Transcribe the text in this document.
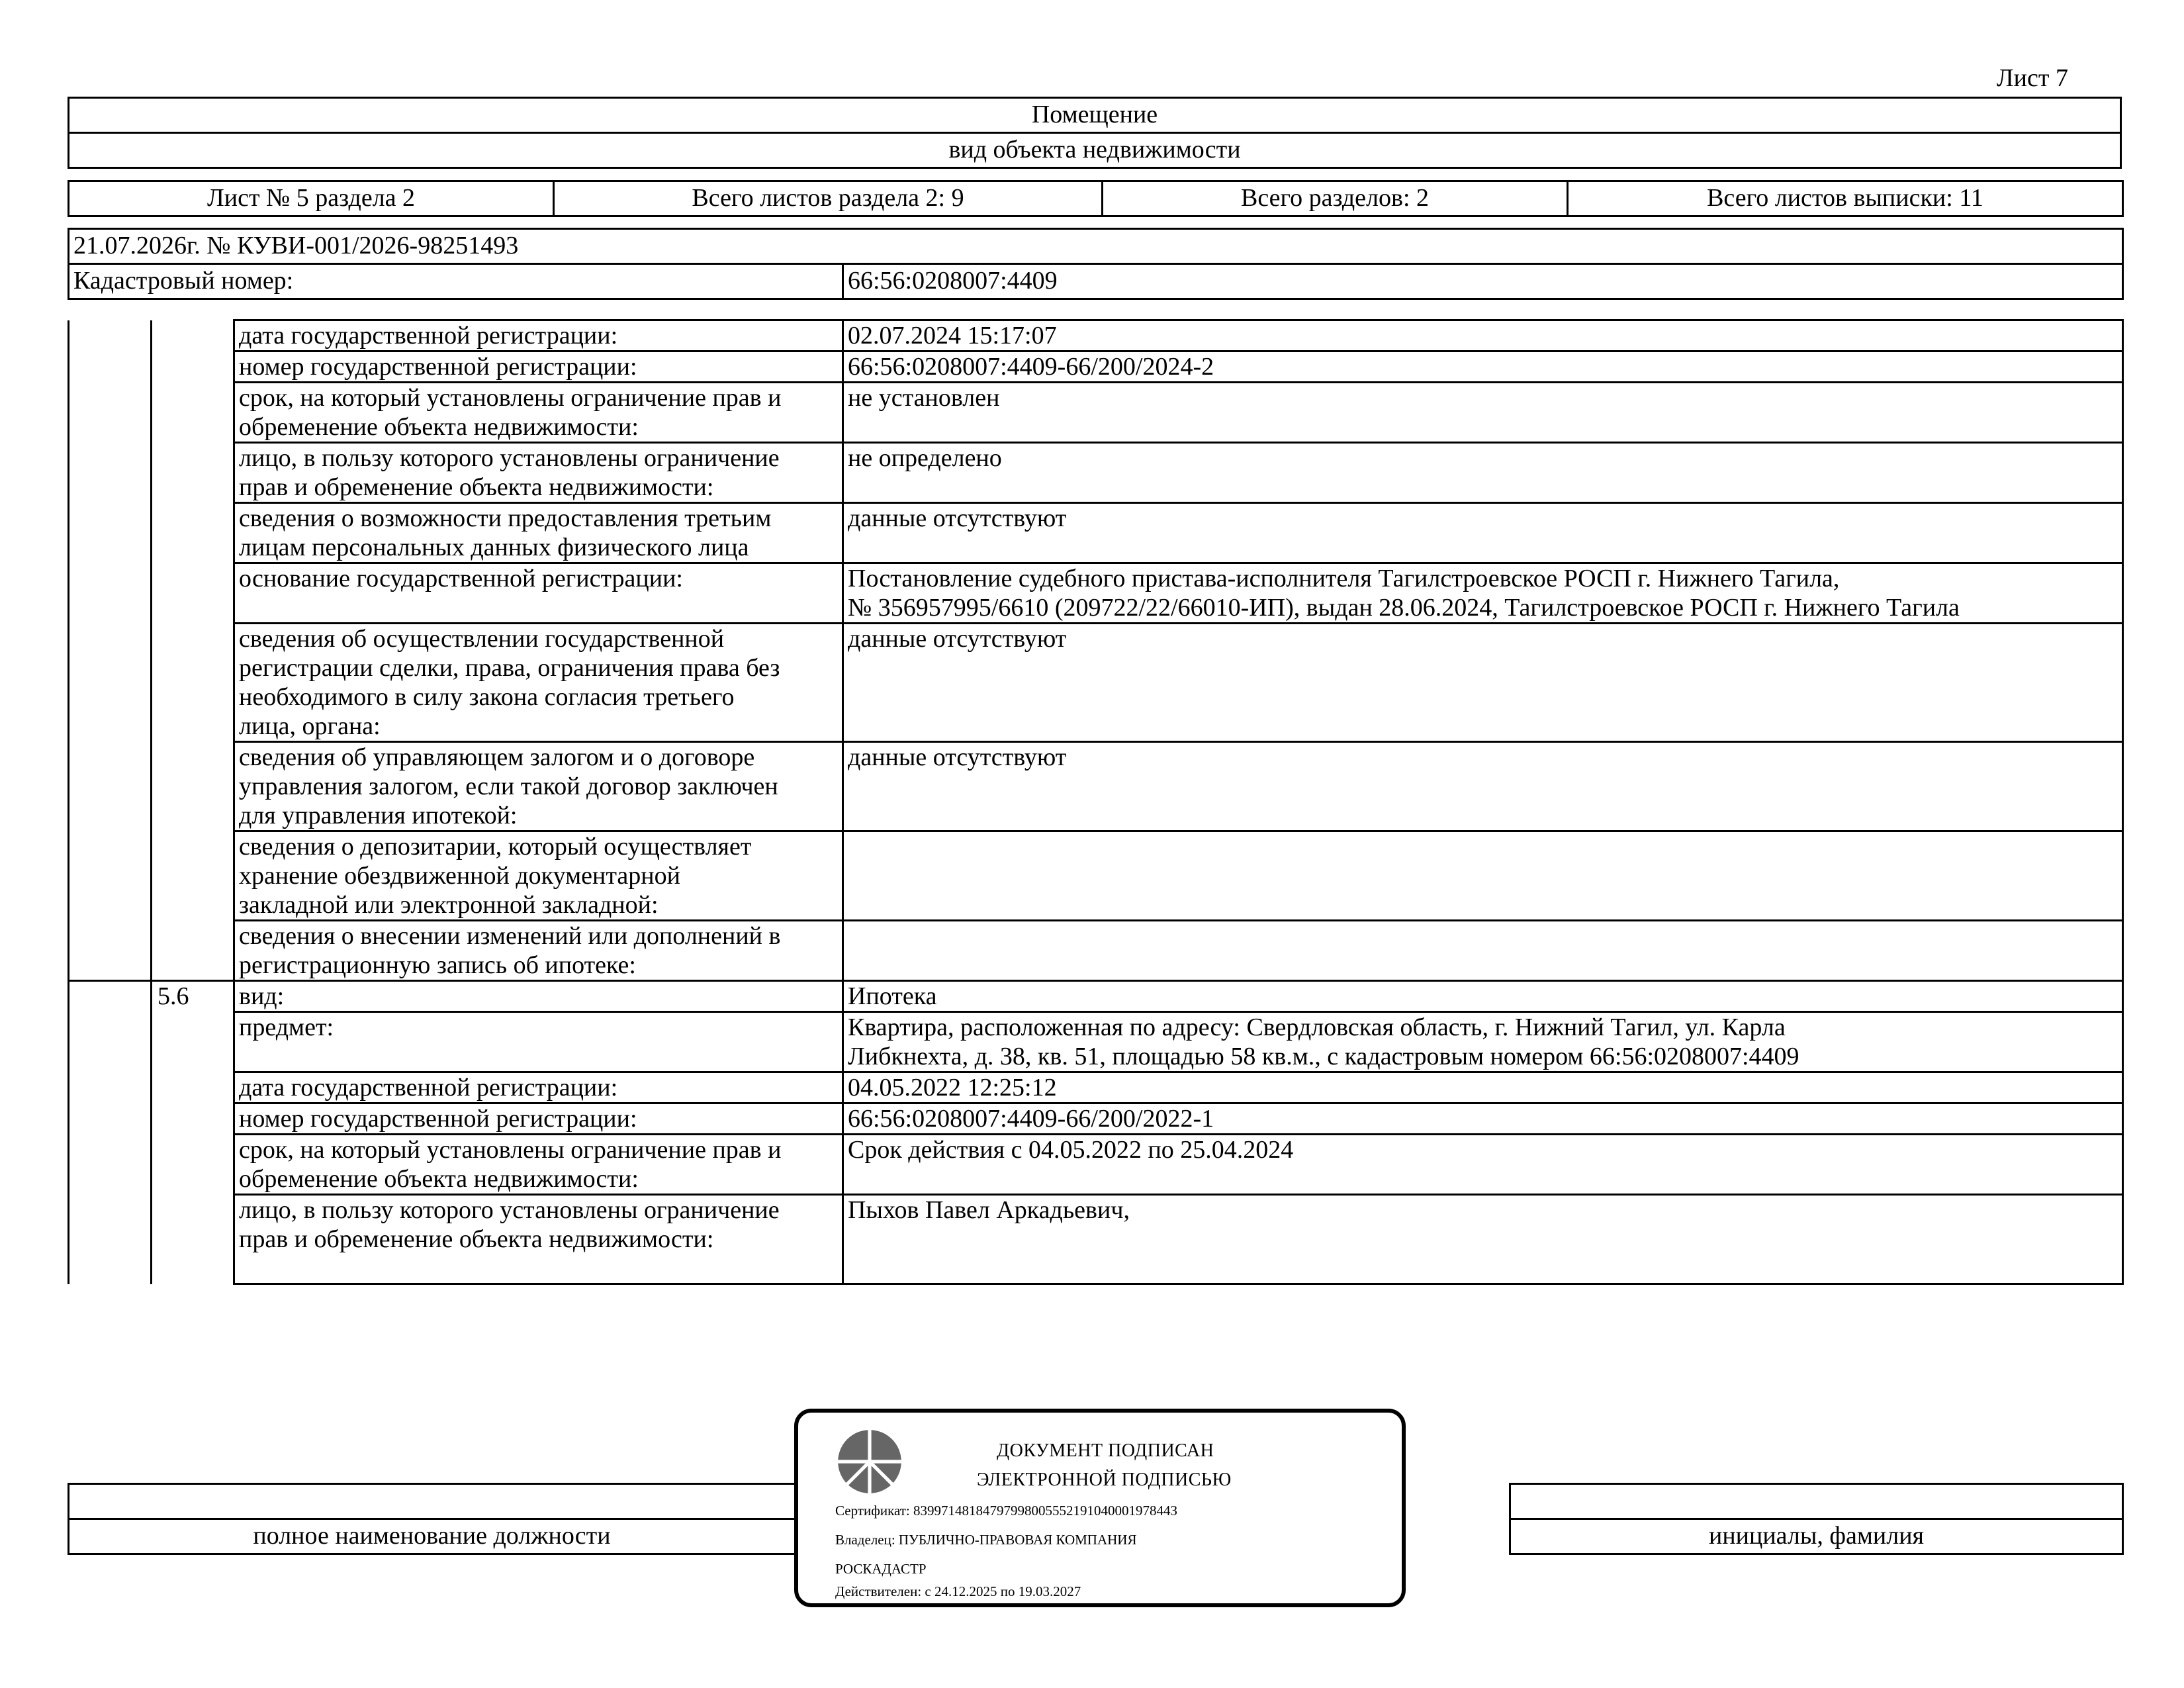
Лист 7
Помещение
вид объекта недвижимости
Лист № 5 раздела 2	Всего листов раздела 2: 9	Всего разделов: 2	Всего листов выписки: 11
21.07.2026г. № КУВИ-001/2026-98251493
Кадастровый номер:	66:56:0208007:4409

		дата государственной регистрации:	02.07.2024 15:17:07

		номер государственной регистрации:	66:56:0208007:4409-66/200/2024-2

		срок, на который установлены ограничение прав и
обременение объекта недвижимости:	не установлен

		лицо, в пользу которого установлены ограничение
прав и обременение объекта недвижимости:	не определено

		сведения о возможности предоставления третьим
лицам персональных данных физического лица	данные отсутствуют

		основание государственной регистрации:	Постановление судебного пристава-исполнителя Тагилстроевское РОСП г. Нижнего Тагила,
№ 356957995/6610 (209722/22/66010-ИП), выдан 28.06.2024, Тагилстроевское РОСП г. Нижнего Тагила

		сведения об осуществлении государственной
регистрации сделки, права, ограничения права без
необходимого в силу закона согласия третьего
лица, органа:	данные отсутствуют

		сведения об управляющем залогом и о договоре
управления залогом, если такой договор заключен
для управления ипотекой:	данные отсутствуют

		сведения о депозитарии, который осуществляет
хранение обездвиженной документарной
закладной или электронной закладной:	

		сведения о внесении изменений или дополнений в
регистрационную запись об ипотеке:	

	5.6	вид:	Ипотека

		предмет:	Квартира, расположенная по адресу: Свердловская область, г. Нижний Тагил, ул. Карла
Либкнехта, д. 38, кв. 51, площадью 58 кв.м., с кадастровым номером 66:56:0208007:4409

		дата государственной регистрации:	04.05.2022 12:25:12

		номер государственной регистрации:	66:56:0208007:4409-66/200/2022-1

		срок, на который установлены ограничение прав и
обременение объекта недвижимости:	Срок действия с 04.05.2022 по 25.04.2024

		лицо, в пользу которого установлены ограничение
прав и обременение объекта недвижимости:	Пыхов Павел Аркадьевич,

полное наименование должности		инициалы, фамилия
ДОКУМЕНТ ПОДПИСАН
ЭЛЕКТРОННОЙ ПОДПИСЬЮ
Сертификат: 8399714818479799800555219104000197844З
Владелец: ПУБЛИЧНО-ПРАВОВАЯ КОМПАНИЯ
РОСКАДАСТР
Действителен: с 24.12.2025 по 19.03.2027
